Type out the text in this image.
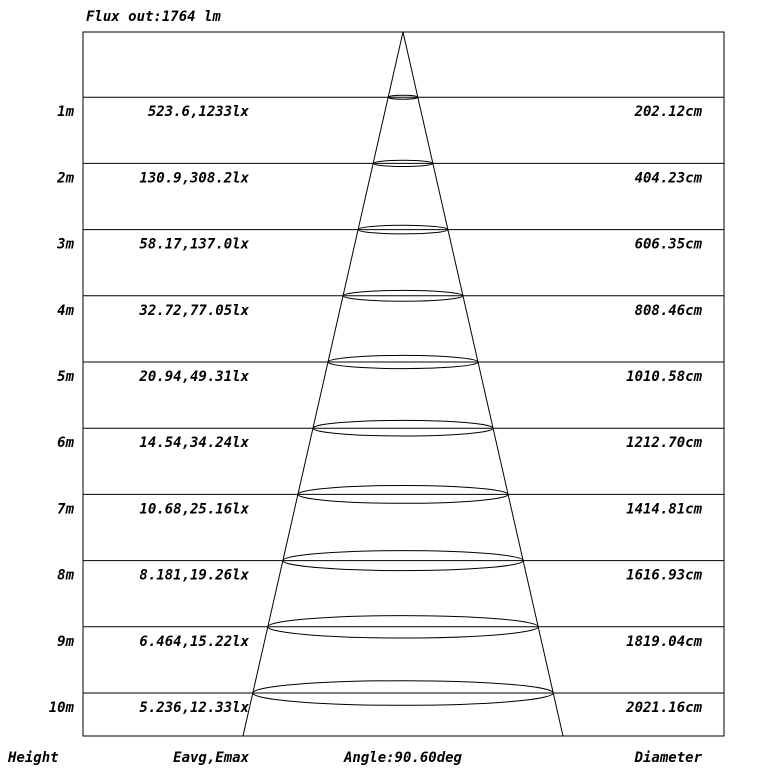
Flux out:1764 lm
1m	523.6,1233lx	202.12cm
2m	130.9,308.2lx	404.23cm
3m	58.17,137.0lx	606.35cm
4m	32.72,77.05lx	808.46cm
5m	20.94,49.31lx	1010.58cm
6m	14.54,34.24lx	1212.70cm
7m	10.68,25.16lx	1414.81cm
8m	8.181,19.26lx	1616.93cm
9m	6.464,15.22lx	1819.04cm
10m	5.236,12.33lx	2021.16cm
Height	Eavg,Emax	Angle:90.60deg	Diameter
